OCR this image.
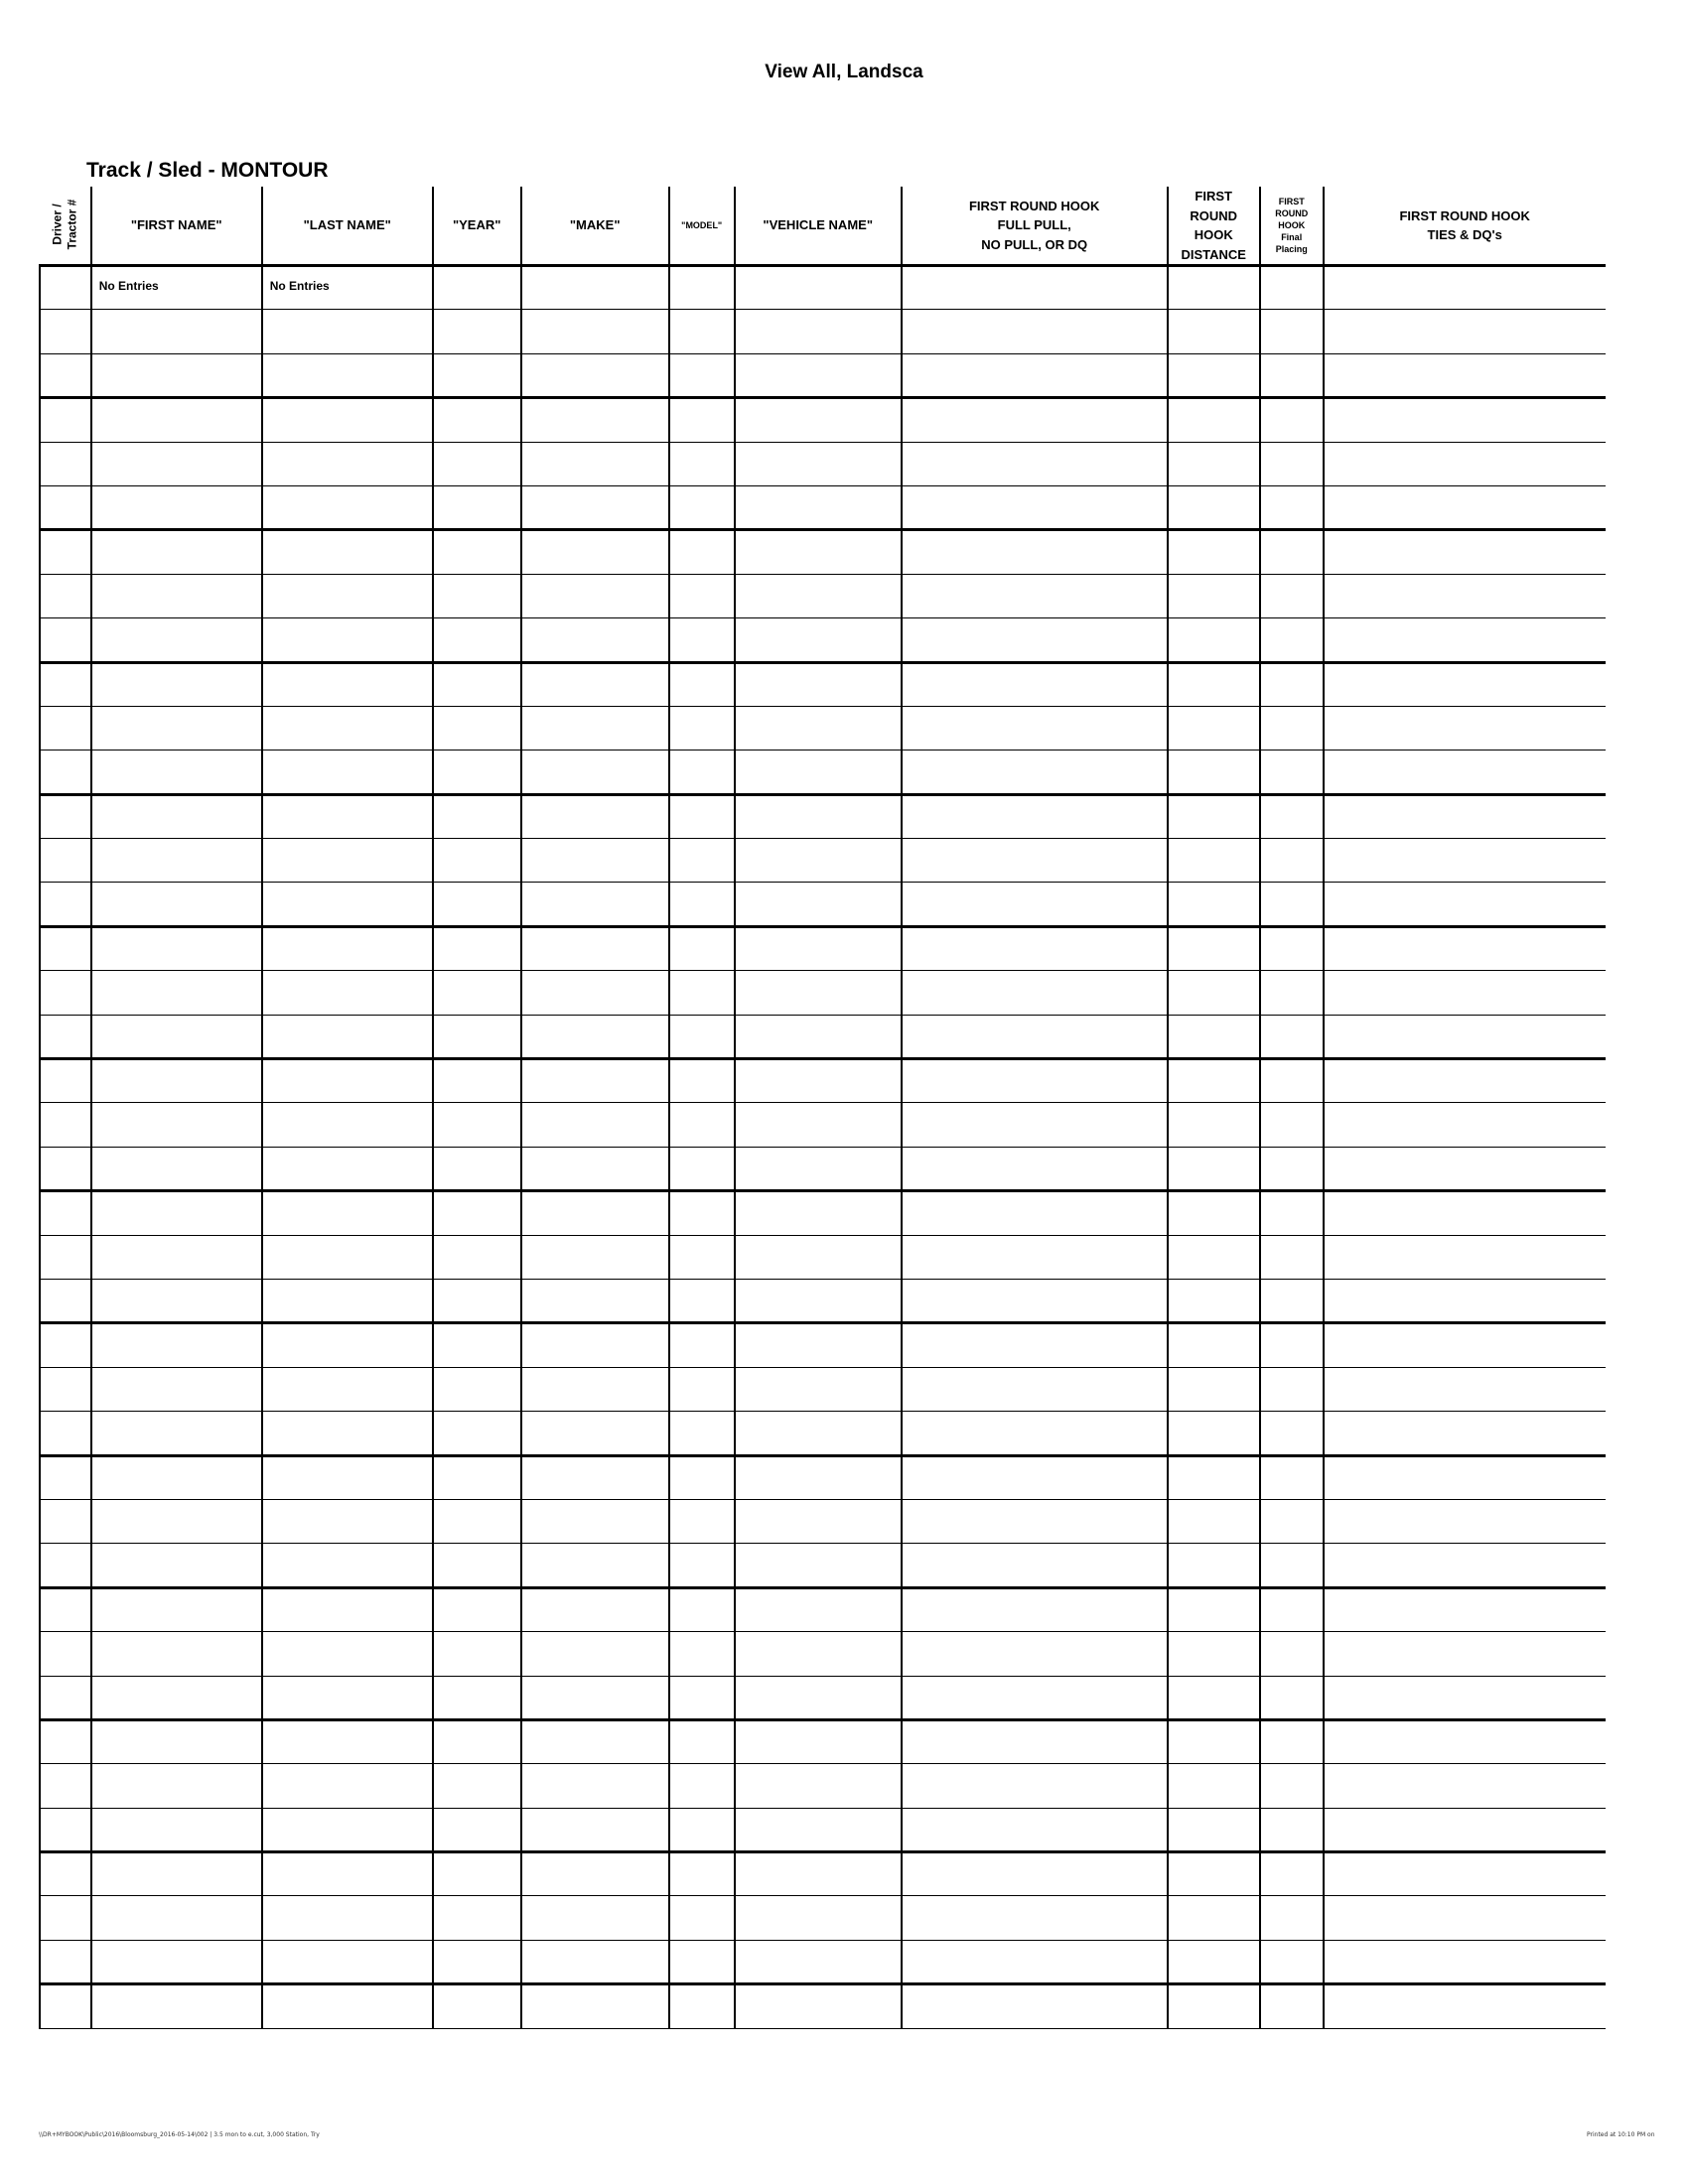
View All, Landsca
Track / Sled - MONTOUR
Driver /
Tractor #	"FIRST NAME"	"LAST NAME"	"YEAR"	"MAKE"	"MODEL"	"VEHICLE NAME"	FIRST ROUND HOOK
FULL PULL,
NO PULL, OR DQ	FIRST
ROUND
HOOK
DISTANCE	FIRST
ROUND
HOOK
Final
Placing	FIRST ROUND HOOK
TIES & DQ's
	No Entries	No Entries								

\\DR+MYBOOK\Public\2016\Bloomsburg_2016-05-14\002 | 3.5 mon to e.cut, 3,000 Station, Try	Printed at 10:10 PM on
